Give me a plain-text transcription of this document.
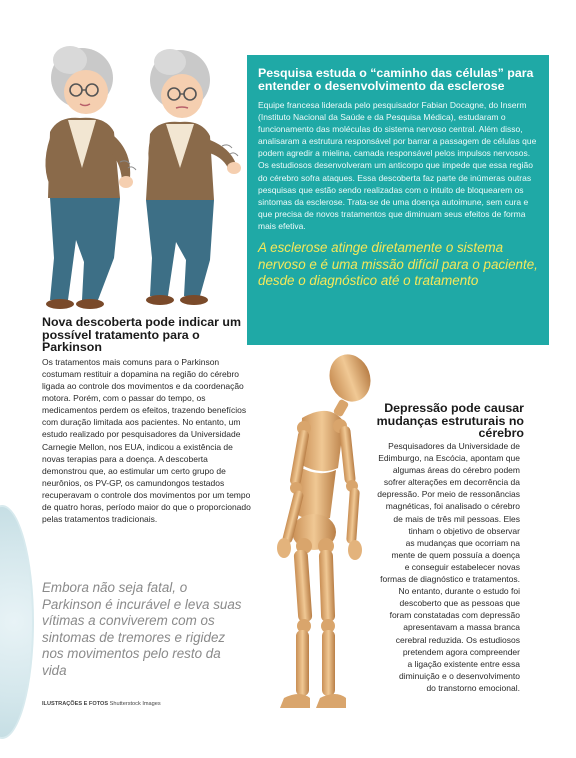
Pesquisa estuda o “caminho das células” para entender o desenvolvimento da esclerose

Equipe francesa liderada pelo pesquisador Fabian Docagne, do Inserm (Instituto Nacional da Saúde e da Pesquisa Médica), estudaram o funcionamento das moléculas do sistema nervoso central. Além disso, analisaram a estrutura responsável por barrar a passagem de células que podem agredir a mielina, camada responsável pelos impulsos nervosos. Os estudiosos desenvolveram um anticorpo que impede que essa região do cérebro sofra ataques. Essa descoberta faz parte de inúmeras outras pesquisas que estão sendo realizadas com o intuito de bloquearem os sintomas da esclerose. Trata-se de uma doença autoimune, sem cura e que precisa de novos tratamentos que diminuam seus efeitos de forma mais efetiva.

A esclerose atinge diretamente o sistema nervoso e é uma missão difícil para o paciente, desde o diagnóstico até o tratamento

Nova descoberta pode indicar um possível tratamento para o Parkinson

Os tratamentos mais comuns para o Parkinson costumam restituir a dopamina na região do cérebro ligada ao controle dos movimentos e da coordenação motora. Porém, com o passar do tempo, os medicamentos perdem os efeitos, trazendo benefícios com duração limitada aos pacientes. No entanto, um estudo realizado por pesquisadores da Universidade Carnegie Mellon, nos EUA, indicou a existência de novas terapias para a doença. A descoberta demonstrou que, ao estimular um certo grupo de neurônios, os PV-GP, os camundongos testados recuperavam o controle dos movimentos por um tempo de quatro horas, período maior do que o proporcionado pelas tratamentos tradicionais.

Embora não seja fatal, o Parkinson é incurável e leva suas vítimas a conviverem com os sintomas de tremores e rigidez nos movimentos pelo resto da vida

ILUSTRAÇÕES E FOTOS Shutterstock Images
Depressão pode causar mudanças estruturais no cérebro
Pesquisadores da Universidade de
Edimburgo, na Escócia, apontam que
algumas áreas do cérebro podem
sofrer alterações em decorrência da
depressão. Por meio de ressonâncias
magnéticas, foi analisado o cérebro
de mais de três mil pessoas. Eles
tinham o objetivo de observar
as mudanças que ocorriam na
mente de quem possuía a doença
e conseguir estabelecer novas
formas de diagnóstico e tratamentos.
No entanto, durante o estudo foi
descoberto que as pessoas que
foram constatadas com depressão
apresentavam a massa branca
cerebral reduzida. Os estudiosos
pretendem agora compreender
a ligação existente entre essa
diminuição e o desenvolvimento
do transtorno emocional.
